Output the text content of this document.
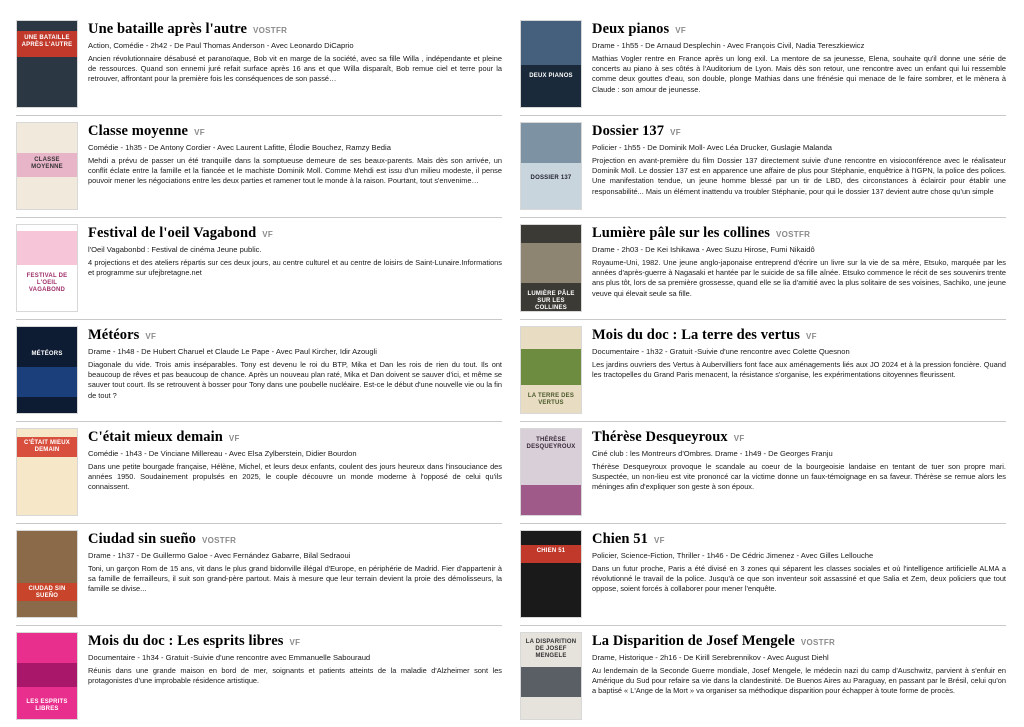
UNE BATAILLE APRÈS L'AUTRE
Une bataille après l'autre VOSTFR
Action, Comédie - 2h42 - De Paul Thomas Anderson - Avec Leonardo DiCaprio

Ancien révolutionnaire désabusé et paranoïaque, Bob vit en marge de la société, avec sa fille Willa , indépendante et pleine de ressources. Quand son ennemi juré refait surface après 16 ans et que Willa disparaît, Bob remue ciel et terre pour la retrouver, affrontant pour la première fois les conséquences de son passé…

CLASSE MOYENNE
Classe moyenne VF
Comédie - 1h35 - De Antony Cordier - Avec Laurent Lafitte, Élodie Bouchez, Ramzy Bedia

Mehdi a prévu de passer un été tranquille dans la somptueuse demeure de ses beaux-parents. Mais dès son arrivée, un conflit éclate entre la famille et la fiancée et le machiste Dominik Moll. Comme Mehdi est issu d'un milieu modeste, il pense pouvoir mener les négociations entre les deux parties et ramener tout le monde à la raison. Pourtant, tout s'envenime…

FESTIVAL DE L'OEIL VAGABOND
Festival de l'oeil Vagabond VF
l'Oeil Vagabonbd : Festival de cinéma Jeune public.

4 projections et des ateliers répartis sur ces deux jours, au centre culturel et au centre de loisirs de Saint-Lunaire.Informations et programme sur ufejbretagne.net

MÉTÉORS
Météors VF
Drame - 1h48 - De Hubert Charuel et Claude Le Pape - Avec Paul Kircher, Idir Azougli

Diagonale du vide. Trois amis inséparables. Tony est devenu le roi du BTP, Mika et Dan les rois de rien du tout. Ils ont beaucoup de rêves et pas beaucoup de chance. Après un nouveau plan raté, Mika et Dan doivent se sauver d'ici, et même se sauver tout court. Ils se retrouvent à bosser pour Tony dans une poubelle nucléaire. Est-ce le début d'une nouvelle vie ou la fin de tout ?

C'ÉTAIT MIEUX DEMAIN
C'était mieux demain VF
Comédie - 1h43 - De Vinciane Millereau - Avec Elsa Zylberstein, Didier Bourdon

Dans une petite bourgade française, Hélène, Michel, et leurs deux enfants, coulent des jours heureux dans l'insouciance des années 1950. Soudainement propulsés en 2025, le couple découvre un monde moderne à l'opposé de celui qu'ils connaissent.

CIUDAD SIN SUEÑO
Ciudad sin sueño VOSTFR
Drame - 1h37 - De Guillermo Galoe - Avec Fernández Gabarre, Bilal Sedraoui

Toni, un garçon Rom de 15 ans, vit dans le plus grand bidonville illégal d'Europe, en périphérie de Madrid. Fier d'appartenir à sa famille de ferrailleurs, il suit son grand-père partout. Mais à mesure que leur terrain devient la proie des démolisseurs, la famille se divise...

LES ESPRITS LIBRES
Mois du doc : Les esprits libres VF
Documentaire - 1h34 - Gratuit -Suivie d'une rencontre avec Emmanuelle Sabouraud

Réunis dans une grande maison en bord de mer, soignants et patients atteints de la maladie d'Alzheimer sont les protagonistes d'une improbable résidence artistique.

DEUX PIANOS
Deux pianos VF
Drame - 1h55 - De Arnaud Desplechin - Avec François Civil, Nadia Tereszkiewicz

Mathias Vogler rentre en France après un long exil. La mentore de sa jeunesse, Elena, souhaite qu'il donne une série de concerts au piano à ses côtés à l'Auditorium de Lyon. Mais dès son retour, une rencontre avec un enfant qui lui ressemble comme deux gouttes d'eau, son double, plonge Mathias dans une frénésie qui menace de le faire sombrer, et le mènera à Claude : son amour de jeunesse.

DOSSIER 137
Dossier 137 VF
Policier - 1h55 - De Dominik Moll- Avec Léa Drucker, Guslagie Malanda

Projection en avant-première du film Dossier 137 directement suivie d'une rencontre en visioconférence avec le réalisateur Dominik Moll. Le dossier 137 est en apparence une affaire de plus pour Stéphanie, enquêtrice à l'IGPN, la police des polices. Une manifestation tendue, un jeune homme blessé par un tir de LBD, des circonstances à éclaircir pour établir une responsabilité... Mais un élément inattendu va troubler Stéphanie, pour qui le dossier 137 devient autre chose qu'un simple

LUMIÈRE PÂLE SUR LES COLLINES
Lumière pâle sur les collines VOSTFR
Drame - 2h03 - De Kei Ishikawa - Avec Suzu Hirose, Fumi Nikaidô

Royaume-Uni, 1982. Une jeune anglo-japonaise entreprend d'écrire un livre sur la vie de sa mère, Etsuko, marquée par les années d'après-guerre à Nagasaki et hantée par le suicide de sa fille aînée. Etsuko commence le récit de ses souvenirs trente ans plus tôt, lors de sa première grossesse, quand elle se lia d'amitié avec la plus solitaire de ses voisines, Sachiko, une jeune veuve qui élevait seule sa fille.

LA TERRE DES VERTUS
Mois du doc : La terre des vertus VF
Documentaire - 1h32 - Gratuit -Suivie d'une rencontre avec Colette Quesnon

Les jardins ouvriers des Vertus à Aubervilliers font face aux aménagements liés aux JO 2024 et à la pression foncière. Quand les tractopelles du Grand Paris menacent, la résistance s'organise, les expérimentations citoyennes fleurissent.

THÉRÈSE DESQUEYROUX
Thérèse Desqueyroux VF
Ciné club : les Montreurs d'Ombres. Drame - 1h49 - De Georges Franju

Thérèse Desqueyroux provoque le scandale au coeur de la bourgeoisie landaise en tentant de tuer son propre mari. Suspectée, un non-lieu est vite prononcé car la victime donne un faux-témoignage en sa faveur. Thérèse se remue alors les méninges afin d'expliquer son geste à son époux.

CHIEN 51
Chien 51 VF
Policier, Science-Fiction, Thriller - 1h46 - De Cédric Jimenez - Avec Gilles Lellouche

Dans un futur proche, Paris a été divisé en 3 zones qui séparent les classes sociales et où l'intelligence artificielle ALMA a révolutionné le travail de la police. Jusqu'à ce que son inventeur soit assassiné et que Salia et Zem, deux policiers que tout oppose, soient forcés à collaborer pour mener l'enquête.

LA DISPARITION DE JOSEF MENGELE
La Disparition de Josef Mengele VOSTFR
Drame, Historique - 2h16 - De Kirill Serebrennikov - Avec August Diehl

Au lendemain de la Seconde Guerre mondiale, Josef Mengele, le médecin nazi du camp d'Auschwitz, parvient à s'enfuir en Amérique du Sud pour refaire sa vie dans la clandestinité. De Buenos Aires au Paraguay, en passant par le Brésil, celui qu'on a baptisé « L'Ange de la Mort » va organiser sa méthodique disparition pour échapper à toute forme de procès.
